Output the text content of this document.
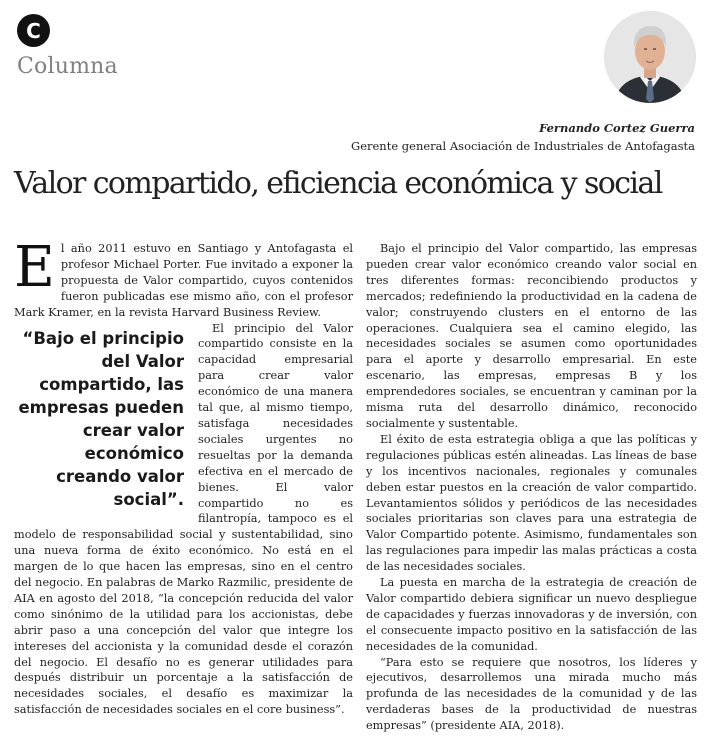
C
Columna
Fernando Cortez Guerra
Gerente general Asociación de Industriales de Antofagasta
Valor compartido, eficiencia económica y social

El año 2011 estuvo en Santiago y Antofagasta el profesor Michael Porter. Fue invitado a exponer la propuesta de Valor compartido, cuyos contenidos fueron publicadas ese mismo año, con el profesor Mark Kramer, en la revista Harvard Business Review.

“Bajo el principio del Valor compartido, las empresas pueden crear valor económico creando valor social”.
El principio del Valor compartido consiste en la capacidad empresarial para crear valor económico de una manera tal que, al mismo tiempo, satisfaga necesidades sociales urgentes no resueltas por la demanda efectiva en el mercado de bienes. El valor compartido no es filantropía, tampoco es el modelo de responsabilidad social y sustentabilidad, sino una nueva forma de éxito económico. No está en el margen de lo que hacen las empresas, sino en el centro del negocio. En palabras de Marko Razmilic, presidente de AIA en agosto del 2018, “la concepción reducida del valor como sinónimo de la utilidad para los accionistas, debe abrir paso a una concepción del valor que integre los intereses del accionista y la comunidad desde el corazón del negocio. El desafío no es generar utilidades para después distribuir un porcentaje a la satisfacción de necesidades sociales, el desafío es maximizar la satisfacción de necesidades sociales en el core business”.

Bajo el principio del Valor compartido, las empresas pueden crear valor económico creando valor social en tres diferentes formas: reconcibiendo productos y mercados; redefiniendo la productividad en la cadena de valor; construyendo clusters en el entorno de las operaciones. Cualquiera sea el camino elegido, las necesidades sociales se asumen como oportunidades para el aporte y desarrollo empresarial. En este escenario, las empresas, empresas B y los emprendedores sociales, se encuentran y caminan por la misma ruta del desarrollo dinámico, reconocido socialmente y sustentable.

El éxito de esta estrategia obliga a que las políticas y regulaciones públicas estén alineadas. Las líneas de base y los incentivos nacionales, regionales y comunales deben estar puestos en la creación de valor compartido. Levantamientos sólidos y periódicos de las necesidades sociales prioritarias son claves para una estrategia de Valor Compartido potente. Asimismo, fundamentales son las regulaciones para impedir las malas prácticas a costa de las necesidades sociales.

La puesta en marcha de la estrategia de creación de Valor compartido debiera significar un nuevo despliegue de capacidades y fuerzas innovadoras y de inversión, con el consecuente impacto positivo en la satisfacción de las necesidades de la comunidad.

“Para esto se requiere que nosotros, los líderes y ejecutivos, desarrollemos una mirada mucho más profunda de las necesidades de la comunidad y de las verdaderas bases de la productividad de nuestras empresas” (presidente AIA, 2018).
